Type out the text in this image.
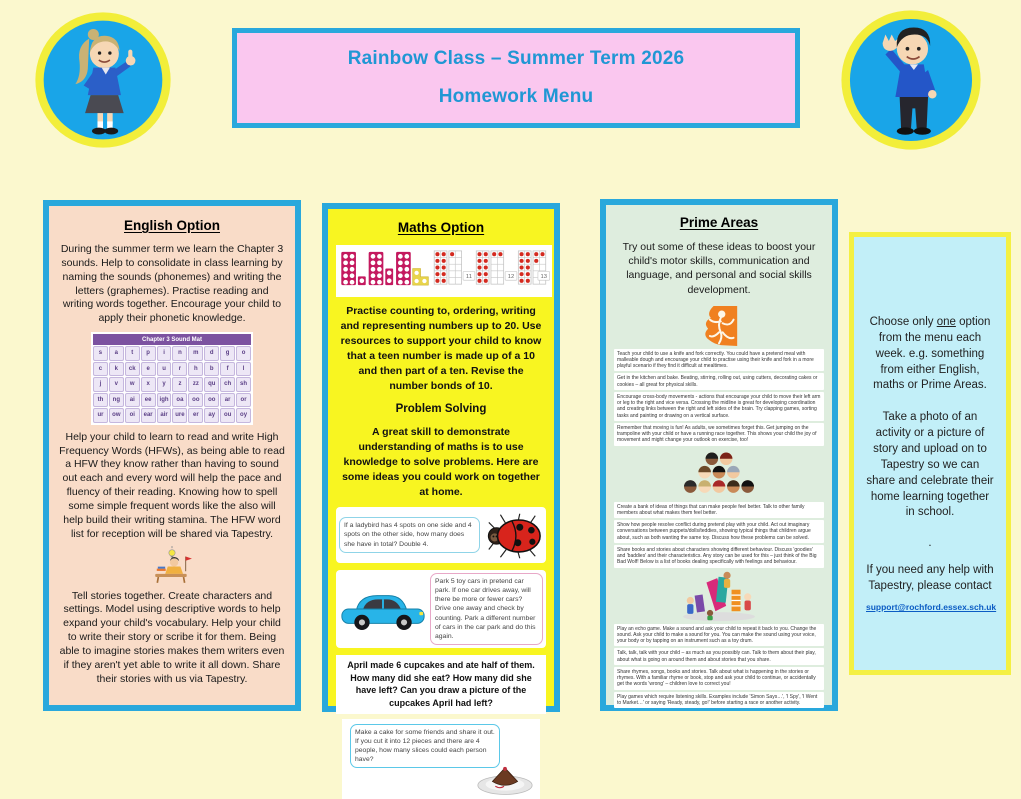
Rainbow Class – Summer Term 2026
Homework Menu
English Option
During the summer term we learn the Chapter 3 sounds. Help to consolidate in class learning by naming the sounds (phonemes) and writing the letters (graphemes). Practise reading and writing words together. Encourage your child to apply their phonetic knowledge.
Chapter 3 Sound Mat
s	a	t	p	i	n	m	d	g	o
c	k	ck	e	u	r	h	b	f	l
j	v	w	x	y	z	zz	qu	ch	sh
th	ng	ai	ee	igh	oa	oo	oo	ar	or
ur	ow	oi	ear	air	ure	er	ay	ou	oy
Help your child to learn to read and write High Frequency Words (HFWs), as being able to read a HFW they know rather than having to sound out each and every word will help the pace and fluency of their reading. Knowing how to spell some simple frequent words like the also will help build their writing stamina. The HFW word list for reception will be shared via Tapestry.
Tell stories together. Create characters and settings. Model using descriptive words to help expand your child's vocabulary. Help your child to write their story or scribe it for them. Being able to imagine stories makes them writers even if they aren't yet able to write it all down. Share their stories with us via Tapestry.
Maths Option
11	12	13
Practise counting to, ordering, writing and representing numbers up to 20. Use resources to support your child to know that a teen number is made up of a 10 and then part of a ten. Revise the number bonds of 10.
Problem Solving
A great skill to demonstrate understanding of maths is to use knowledge to solve problems. Here are some ideas you could work on together at home.
If a ladybird has 4 spots on one side and 4 spots on the other side, how many does she have in total? Double 4.
Park 5 toy cars in pretend car park. If one car drives away, will there be more or fewer cars? Drive one away and check by counting. Park a different number of cars in the car park and do this again.
April made 6 cupcakes and ate half of them. How many did she eat? How many did she have left? Can you draw a picture of the cupcakes April had left?
Make a cake for some friends and share it out. If you cut it into 12 pieces and there are 4 people, how many slices could each person have?
Prime Areas
Try out some of these ideas to boost your child's motor skills, communication and language, and personal and social skills development.

Teach your child to use a knife and fork correctly. You could have a pretend meal with malleable dough and encourage your child to practise using their knife and fork in a more playful scenario if they find it difficult at mealtimes.

Get in the kitchen and bake. Beating, stirring, rolling out, using cutters, decorating cakes or cookies – all great for physical skills.

Encourage cross-body movements - actions that encourage your child to move their left arm or leg to the right and vice versa. Crossing the midline is great for developing coordination and creating links between the right and left sides of the brain. Try clapping games, sorting tasks and painting or drawing on a vertical surface.

Remember that moving is fun! As adults, we sometimes forget this. Get jumping on the trampoline with your child or have a running race together. This shows your child the joy of movement and might change your outlook on exercise, too!

Create a bank of ideas of things that can make people feel better. Talk to other family members about what makes them feel better.

Show how people resolve conflict during pretend play with your child. Act out imaginary conversations between puppets/dolls/teddies, showing typical things that children argue about, such as both wanting the same toy. Discuss how these problems can be solved.

Share books and stories about characters showing different behaviour. Discuss 'goodies' and 'baddies' and their characteristics. Any story can be used for this – just think of the Big Bad Wolf! Below is a list of books dealing specifically with feelings and behaviour.

Play an echo game. Make a sound and ask your child to repeat it back to you. Change the sound. Ask your child to make a sound for you. You can make the sound using your voice, your body or by tapping on an instrument such as a toy drum.

Talk, talk, talk with your child – as much as you possibly can. Talk to them about their play, about what is going on around them and about stories that you share.

Share rhymes, songs, books and stories. Talk about what is happening in the stories or rhymes. With a familiar rhyme or book, stop and ask your child to continue, or accidentally get the words 'wrong' – children love to correct you!

Play games which require listening skills. Examples include 'Simon Says…', 'I Spy', 'I Went to Market…' or saying 'Ready, steady, go!' before starting a race or another activity.

Choose only one option from the menu each week. e.g. something from either English, maths or Prime Areas.
Take a photo of an activity or a picture of story and upload on to Tapestry so we can share and celebrate their home learning together in school.
.
If you need any help with Tapestry, please contact
support@rochford.essex.sch.uk
